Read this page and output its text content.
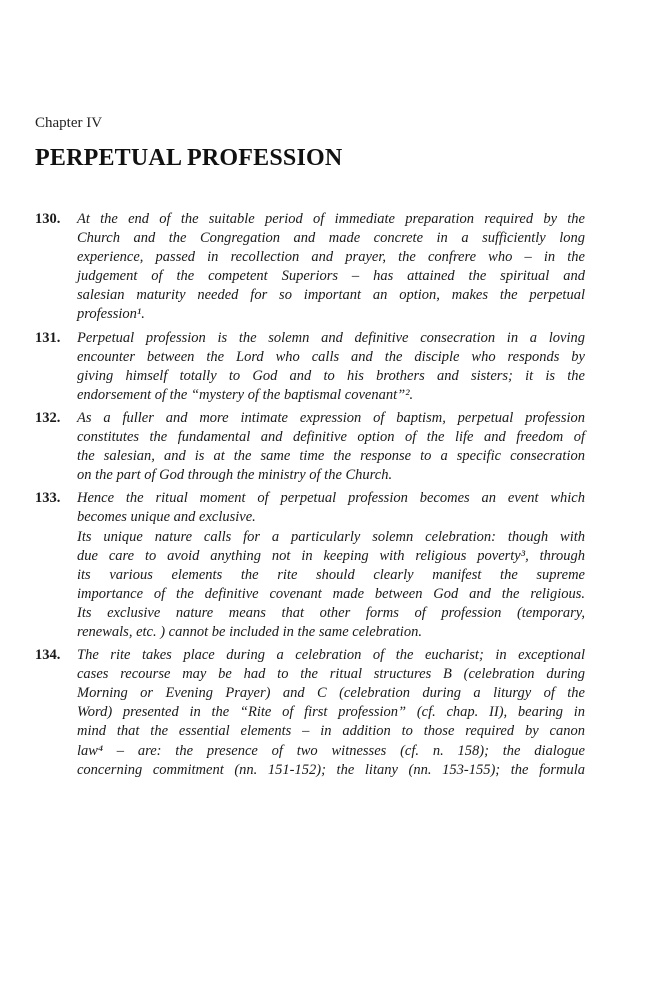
Chapter IV
PERPETUAL PROFESSION
130. At the end of the suitable period of immediate preparation required by the
Church and the Congregation and made concrete in a sufficiently long
experience, passed in recollection and prayer, the confrere who – in the
judgement of the competent Superiors – has attained the spiritual and
salesian maturity needed for so important an option, makes the perpetual
profession¹.
131. Perpetual profession is the solemn and definitive consecration in a loving
encounter between the Lord who calls and the disciple who responds by
giving himself totally to God and to his brothers and sisters; it is the
endorsement of the “mystery of the baptismal covenant”².
132. As a fuller and more intimate expression of baptism, perpetual profession
constitutes the fundamental and definitive option of the life and freedom of
the salesian, and is at the same time the response to a specific consecration
on the part of God through the ministry of the Church.
133. Hence the ritual moment of perpetual profession becomes an event which
becomes unique and exclusive.
Its unique nature calls for a particularly solemn celebration: though with
due care to avoid anything not in keeping with religious poverty³, through
its various elements the rite should clearly manifest the supreme
importance of the definitive covenant made between God and the religious.
Its exclusive nature means that other forms of profession (temporary,
renewals, etc. ) cannot be included in the same celebration.
134. The rite takes place during a celebration of the eucharist; in exceptional
cases recourse may be had to the ritual structures B (celebration during
Morning or Evening Prayer) and C (celebration during a liturgy of the
Word) presented in the “Rite of first profession” (cf. chap. II), bearing in
mind that the essential elements – in addition to those required by canon
law⁴ – are: the presence of two witnesses (cf. n. 158); the dialogue
concerning commitment (nn. 151-152); the litany (nn. 153-155); the formula
